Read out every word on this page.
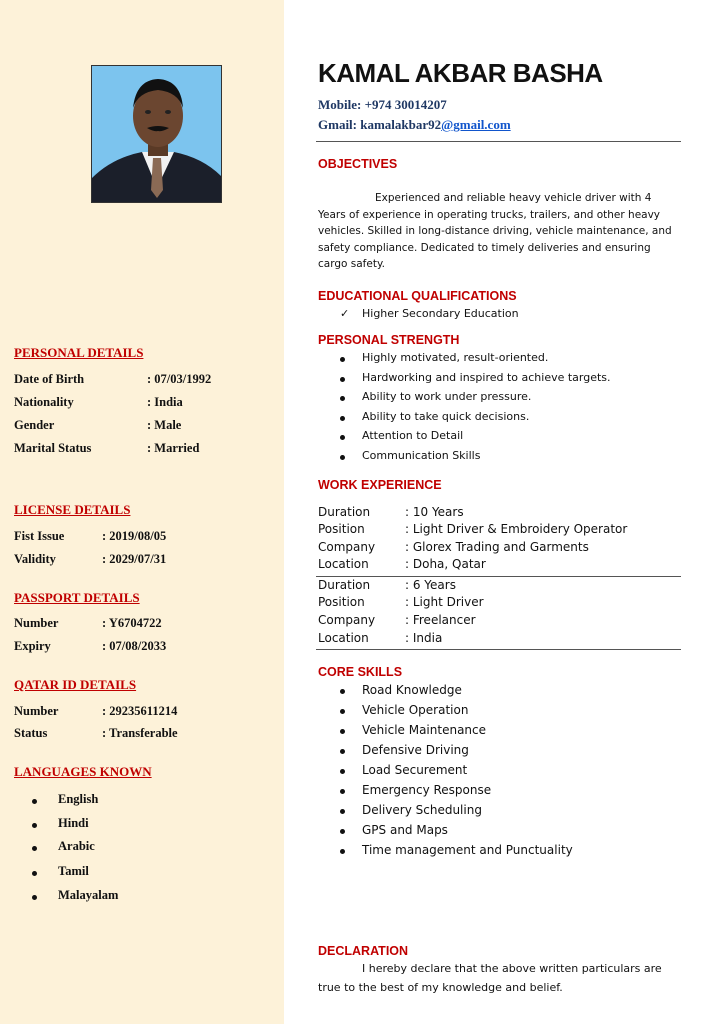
PERSONAL DETAILS
Date of Birth	: 07/03/1992
Nationality	: India
Gender	: Male
Marital Status	: Married
LICENSE DETAILS
Fist Issue	: 2019/08/05
Validity	: 2029/07/31
PASSPORT DETAILS
Number	: Y6704722
Expiry	: 07/08/2033
QATAR ID DETAILS
Number	: 29235611214
Status	: Transferable
LANGUAGES KNOWN
English
Hindi
Arabic
Tamil
Malayalam
KAMAL AKBAR BASHA
Mobile: +974 30014207
Gmail: kamalakbar92@gmail.com
OBJECTIVES
Experienced and reliable heavy vehicle driver with 4 Years of experience in operating trucks, trailers, and other heavy vehicles. Skilled in long-distance driving, vehicle maintenance, and safety compliance. Dedicated to timely deliveries and ensuring cargo safety.
EDUCATIONAL QUALIFICATIONS
✓ Higher Secondary Education
PERSONAL STRENGTH
Highly motivated, result-oriented.
Hardworking and inspired to achieve targets.
Ability to work under pressure.
Ability to take quick decisions.
Attention to Detail
Communication Skills
WORK EXPERIENCE
Duration	: 10 Years
Position	: Light Driver & Embroidery Operator
Company : Glorex Trading and Garments
Location	: Doha, Qatar
Duration	: 6 Years
Position	: Light Driver
Company : Freelancer
Location	: India
CORE SKILLS
Road Knowledge
Vehicle Operation
Vehicle Maintenance
Defensive Driving
Load Securement
Emergency Response
Delivery Scheduling
GPS and Maps
Time management and Punctuality
DECLARATION
I hereby declare that the above written particulars are true to the best of my knowledge and belief.
